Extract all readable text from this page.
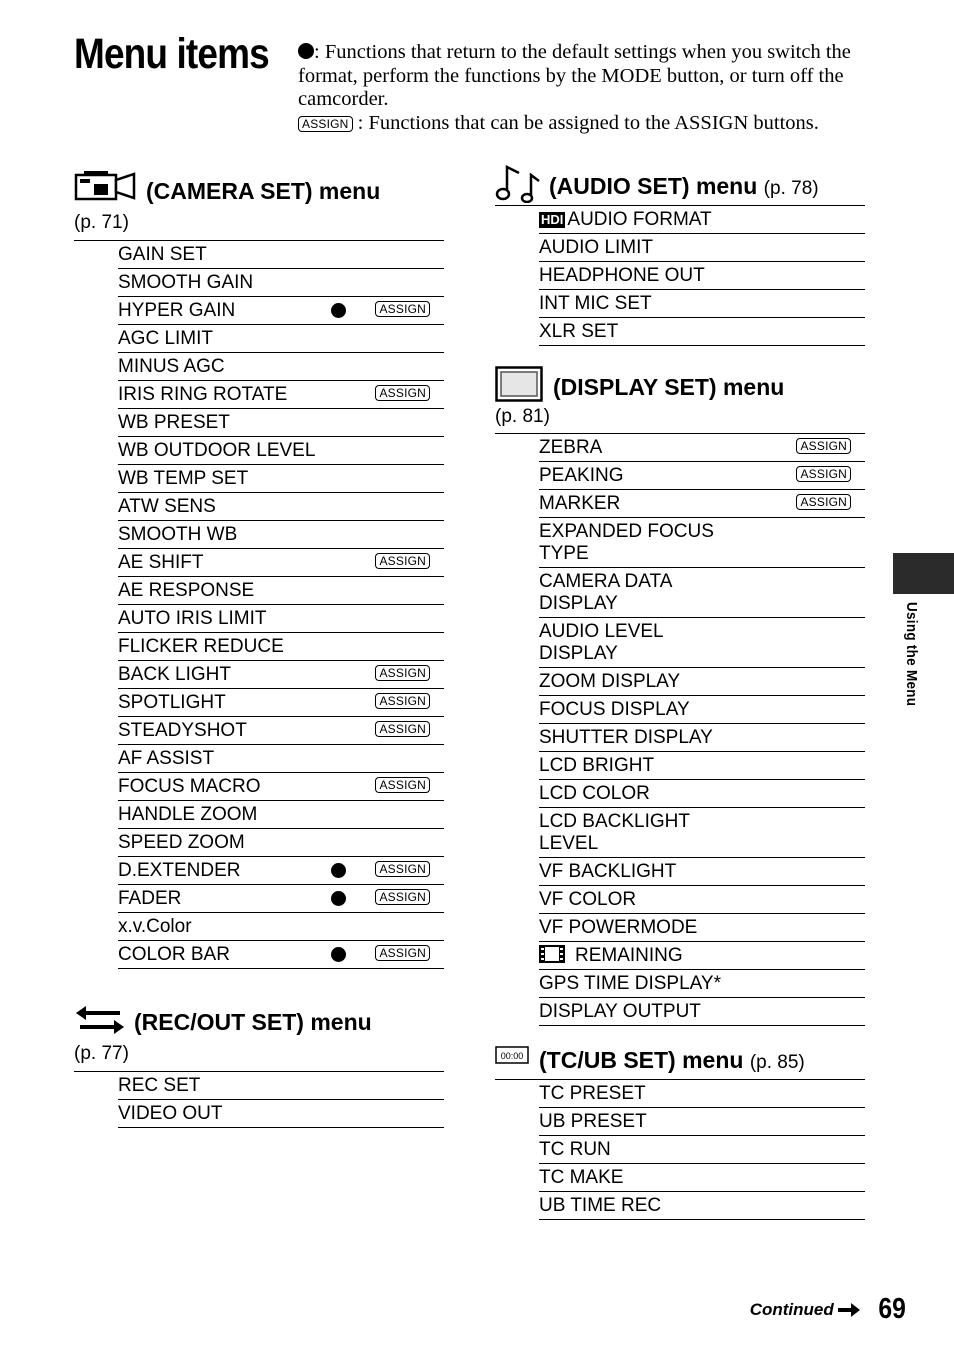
Menu items	: Functions that return to the default settings when you switch the format, perform the functions by the MODE button, or turn off the camcorder.

ASSIGN : Functions that can be assigned to the ASSIGN buttons.

(CAMERA SET) menu
(p. 71)
GAIN SET
SMOOTH GAIN
HYPER GAIN	ASSIGN
AGC LIMIT
MINUS AGC
IRIS RING ROTATE	ASSIGN
WB PRESET
WB OUTDOOR LEVEL
WB TEMP SET
ATW SENS
SMOOTH WB
AE SHIFT	ASSIGN
AE RESPONSE
AUTO IRIS LIMIT
FLICKER REDUCE
BACK LIGHT	ASSIGN
SPOTLIGHT	ASSIGN
STEADYSHOT	ASSIGN
AF ASSIST
FOCUS MACRO	ASSIGN
HANDLE ZOOM
SPEED ZOOM
D.EXTENDER	ASSIGN
FADER	ASSIGN
x.v.Color
COLOR BAR	ASSIGN
(REC/OUT SET) menu
(p. 77)
REC SET
VIDEO OUT
(AUDIO SET) menu (p. 78)
HDI AUDIO FORMAT
AUDIO LIMIT
HEADPHONE OUT
INT MIC SET
XLR SET
(DISPLAY SET) menu
(p. 81)
ZEBRA	ASSIGN
PEAKING	ASSIGN
MARKER	ASSIGN
EXPANDED FOCUS TYPE
CAMERA DATA DISPLAY
AUDIO LEVEL DISPLAY
ZOOM DISPLAY
FOCUS DISPLAY
SHUTTER DISPLAY
LCD BRIGHT
LCD COLOR
LCD BACKLIGHT LEVEL
VF BACKLIGHT
VF COLOR
VF POWERMODE
REMAINING
GPS TIME DISPLAY*
DISPLAY OUTPUT
00:00 (TC/UB SET) menu (p. 85)
TC PRESET
UB PRESET
TC RUN
TC MAKE
UB TIME REC
Using the Menu
Continued 69
